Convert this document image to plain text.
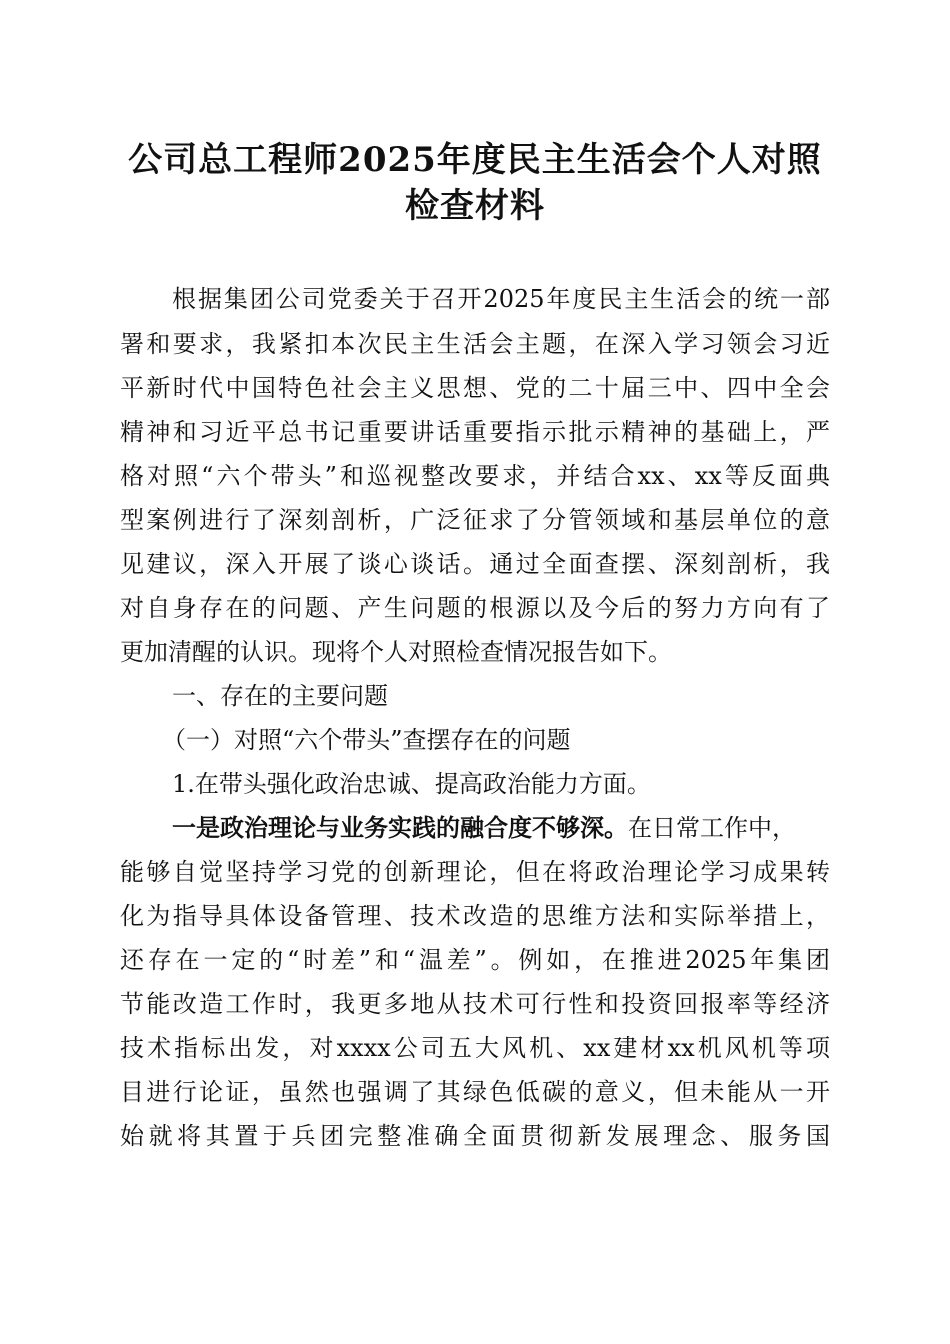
公司总工程师2025年度民主生活会个人对照
检查材料

根据集团公司党委关于召开2025年度民主生活会的统一部

署和要求，我紧扣本次民主生活会主题，在深入学习领会习近

平新时代中国特色社会主义思想、党的二十届三中、四中全会

精神和习近平总书记重要讲话重要指示批示精神的基础上，严

格对照“六个带头”和巡视整改要求，并结合xx、xx等反面典

型案例进行了深刻剖析，广泛征求了分管领域和基层单位的意

见建议，深入开展了谈心谈话。通过全面查摆、深刻剖析，我

对自身存在的问题、产生问题的根源以及今后的努力方向有了

更加清醒的认识。现将个人对照检查情况报告如下。

一、存在的主要问题

（一）对照“六个带头”查摆存在的问题

1.在带头强化政治忠诚、提高政治能力方面。

一是政治理论与业务实践的融合度不够深。在日常工作中，

能够自觉坚持学习党的创新理论，但在将政治理论学习成果转

化为指导具体设备管理、技术改造的思维方法和实际举措上，

还存在一定的“时差”和“温差”。例如，在推进2025年集团

节能改造工作时，我更多地从技术可行性和投资回报率等经济

技术指标出发，对xxxx公司五大风机、xx建材xx机风机等项

目进行论证，虽然也强调了其绿色低碳的意义，但未能从一开

始就将其置于兵团完整准确全面贯彻新发展理念、服务国
